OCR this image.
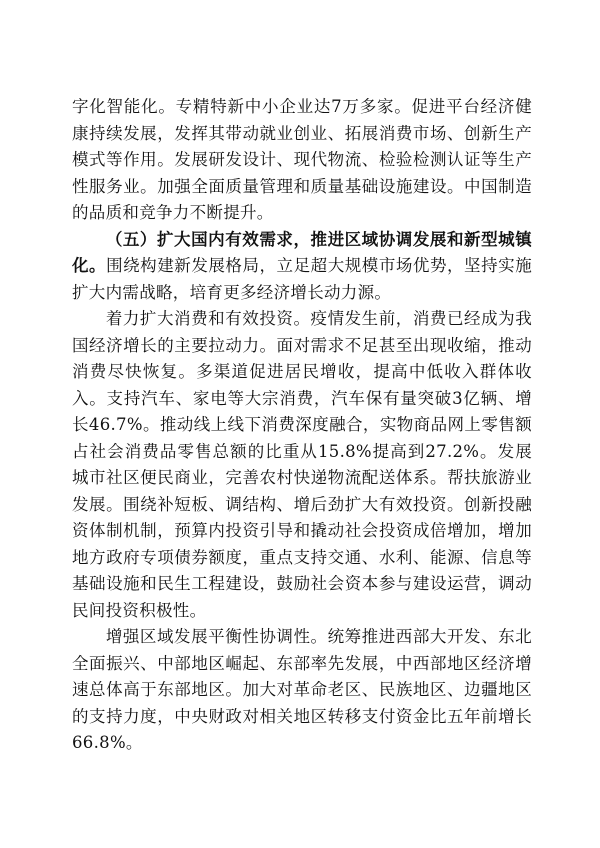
字化智能化。专精特新中小企业达7万多家。促进平台经济健康持续发展，发挥其带动就业创业、拓展消费市场、创新生产模式等作用。发展研发设计、现代物流、检验检测认证等生产性服务业。加强全面质量管理和质量基础设施建设。中国制造的品质和竞争力不断提升。

（五）扩大国内有效需求，推进区域协调发展和新型城镇化。围绕构建新发展格局，立足超大规模市场优势，坚持实施扩大内需战略，培育更多经济增长动力源。

着力扩大消费和有效投资。疫情发生前，消费已经成为我国经济增长的主要拉动力。面对需求不足甚至出现收缩，推动消费尽快恢复。多渠道促进居民增收，提高中低收入群体收入。支持汽车、家电等大宗消费，汽车保有量突破3亿辆、增长46.7%。推动线上线下消费深度融合，实物商品网上零售额占社会消费品零售总额的比重从15.8%提高到27.2%。发展城市社区便民商业，完善农村快递物流配送体系。帮扶旅游业发展。围绕补短板、调结构、增后劲扩大有效投资。创新投融资体制机制，预算内投资引导和撬动社会投资成倍增加，增加地方政府专项债券额度，重点支持交通、水利、能源、信息等基础设施和民生工程建设，鼓励社会资本参与建设运营，调动民间投资积极性。

增强区域发展平衡性协调性。统筹推进西部大开发、东北全面振兴、中部地区崛起、东部率先发展，中西部地区经济增速总体高于东部地区。加大对革命老区、民族地区、边疆地区的支持力度，中央财政对相关地区转移支付资金比五年前增长66.8%。
